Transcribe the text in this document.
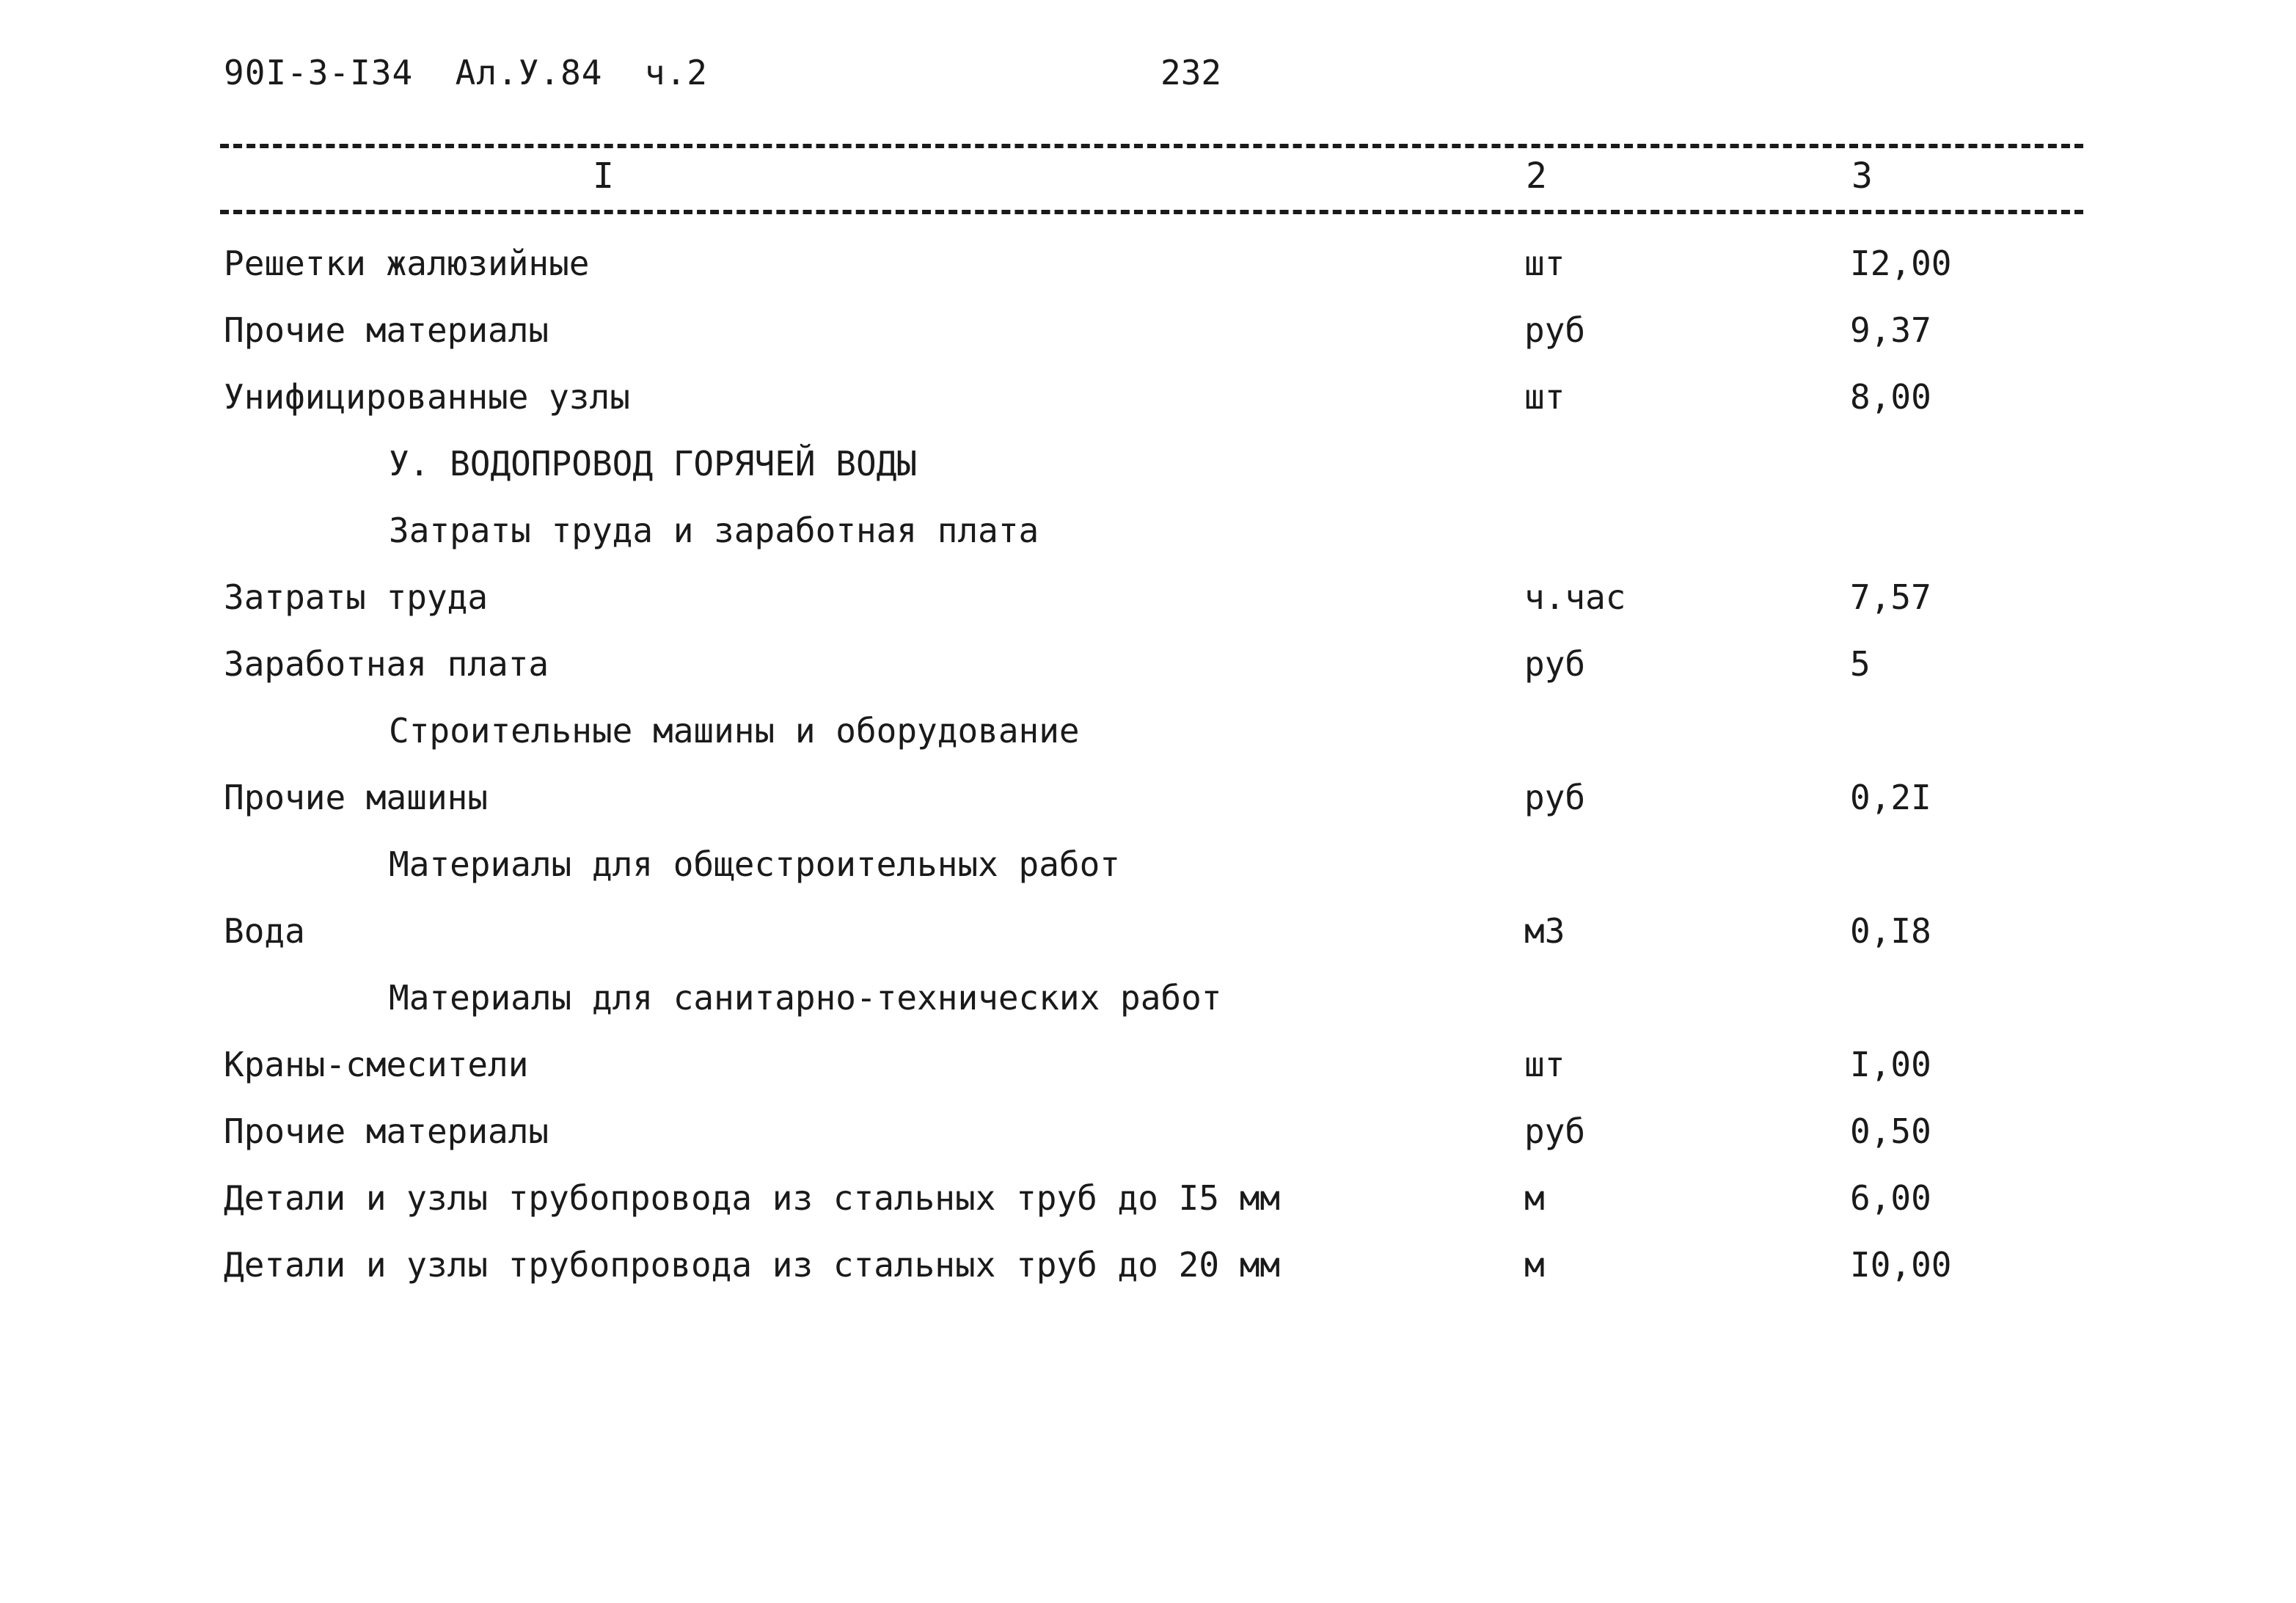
90I-3-I34  Ал.У.84  ч.2	232
I	2	3
Решетки жалюзийные	шт	I2,00
Прочие материалы	руб	9,37
Унифицированные узлы	шт	8,00
У. ВОДОПРОВОД ГОРЯЧЕЙ ВОДЫ
Затраты труда и заработная плата
Затраты труда	ч.час	7,57
Заработная плата	руб	5
Строительные машины и оборудование
Прочие машины	руб	0,2I
Материалы для общестроительных работ
Вода	м3	0,I8
Материалы для санитарно-технических работ
Краны-смесители	шт	I,00
Прочие материалы	руб	0,50
Детали и узлы трубопровода из стальных труб до I5 мм	м	6,00
Детали и узлы трубопровода из стальных труб до 20 мм	м	I0,00
